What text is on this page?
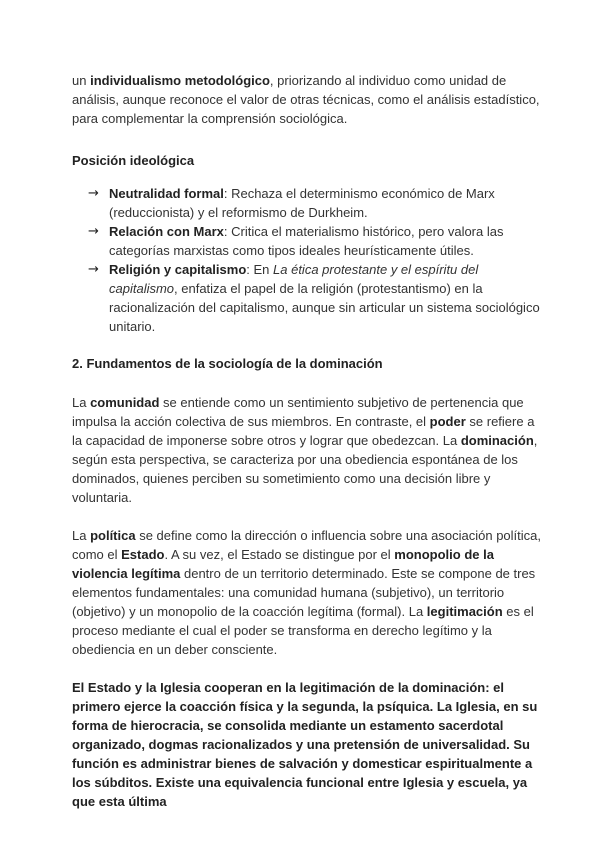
un individualismo metodológico, priorizando al individuo como unidad de análisis, aunque reconoce el valor de otras técnicas, como el análisis estadístico, para complementar la comprensión sociológica.

Posición ideológica
→ Neutralidad formal: Rechaza el determinismo económico de Marx (reduccionista) y el reformismo de Durkheim.
→ Relación con Marx: Critica el materialismo histórico, pero valora las categorías marxistas como tipos ideales heurísticamente útiles.
→ Religión y capitalismo: En La ética protestante y el espíritu del capitalismo, enfatiza el papel de la religión (protestantismo) en la racionalización del capitalismo, aunque sin articular un sistema sociológico unitario.
2. Fundamentos de la sociología de la dominación

La comunidad se entiende como un sentimiento subjetivo de pertenencia que impulsa la acción colectiva de sus miembros. En contraste, el poder se refiere a la capacidad de imponerse sobre otros y lograr que obedezcan. La dominación, según esta perspectiva, se caracteriza por una obediencia espontánea de los dominados, quienes perciben su sometimiento como una decisión libre y voluntaria.

La política se define como la dirección o influencia sobre una asociación política, como el Estado. A su vez, el Estado se distingue por el monopolio de la violencia legítima dentro de un territorio determinado. Este se compone de tres elementos fundamentales: una comunidad humana (subjetivo), un territorio (objetivo) y un monopolio de la coacción legítima (formal). La legitimación es el proceso mediante el cual el poder se transforma en derecho legítimo y la obediencia en un deber consciente.

El Estado y la Iglesia cooperan en la legitimación de la dominación: el primero ejerce la coacción física y la segunda, la psíquica. La Iglesia, en su forma de hierocracia, se consolida mediante un estamento sacerdotal organizado, dogmas racionalizados y una pretensión de universalidad. Su función es administrar bienes de salvación y domesticar espiritualmente a los súbditos. Existe una equivalencia funcional entre Iglesia y escuela, ya que esta última
